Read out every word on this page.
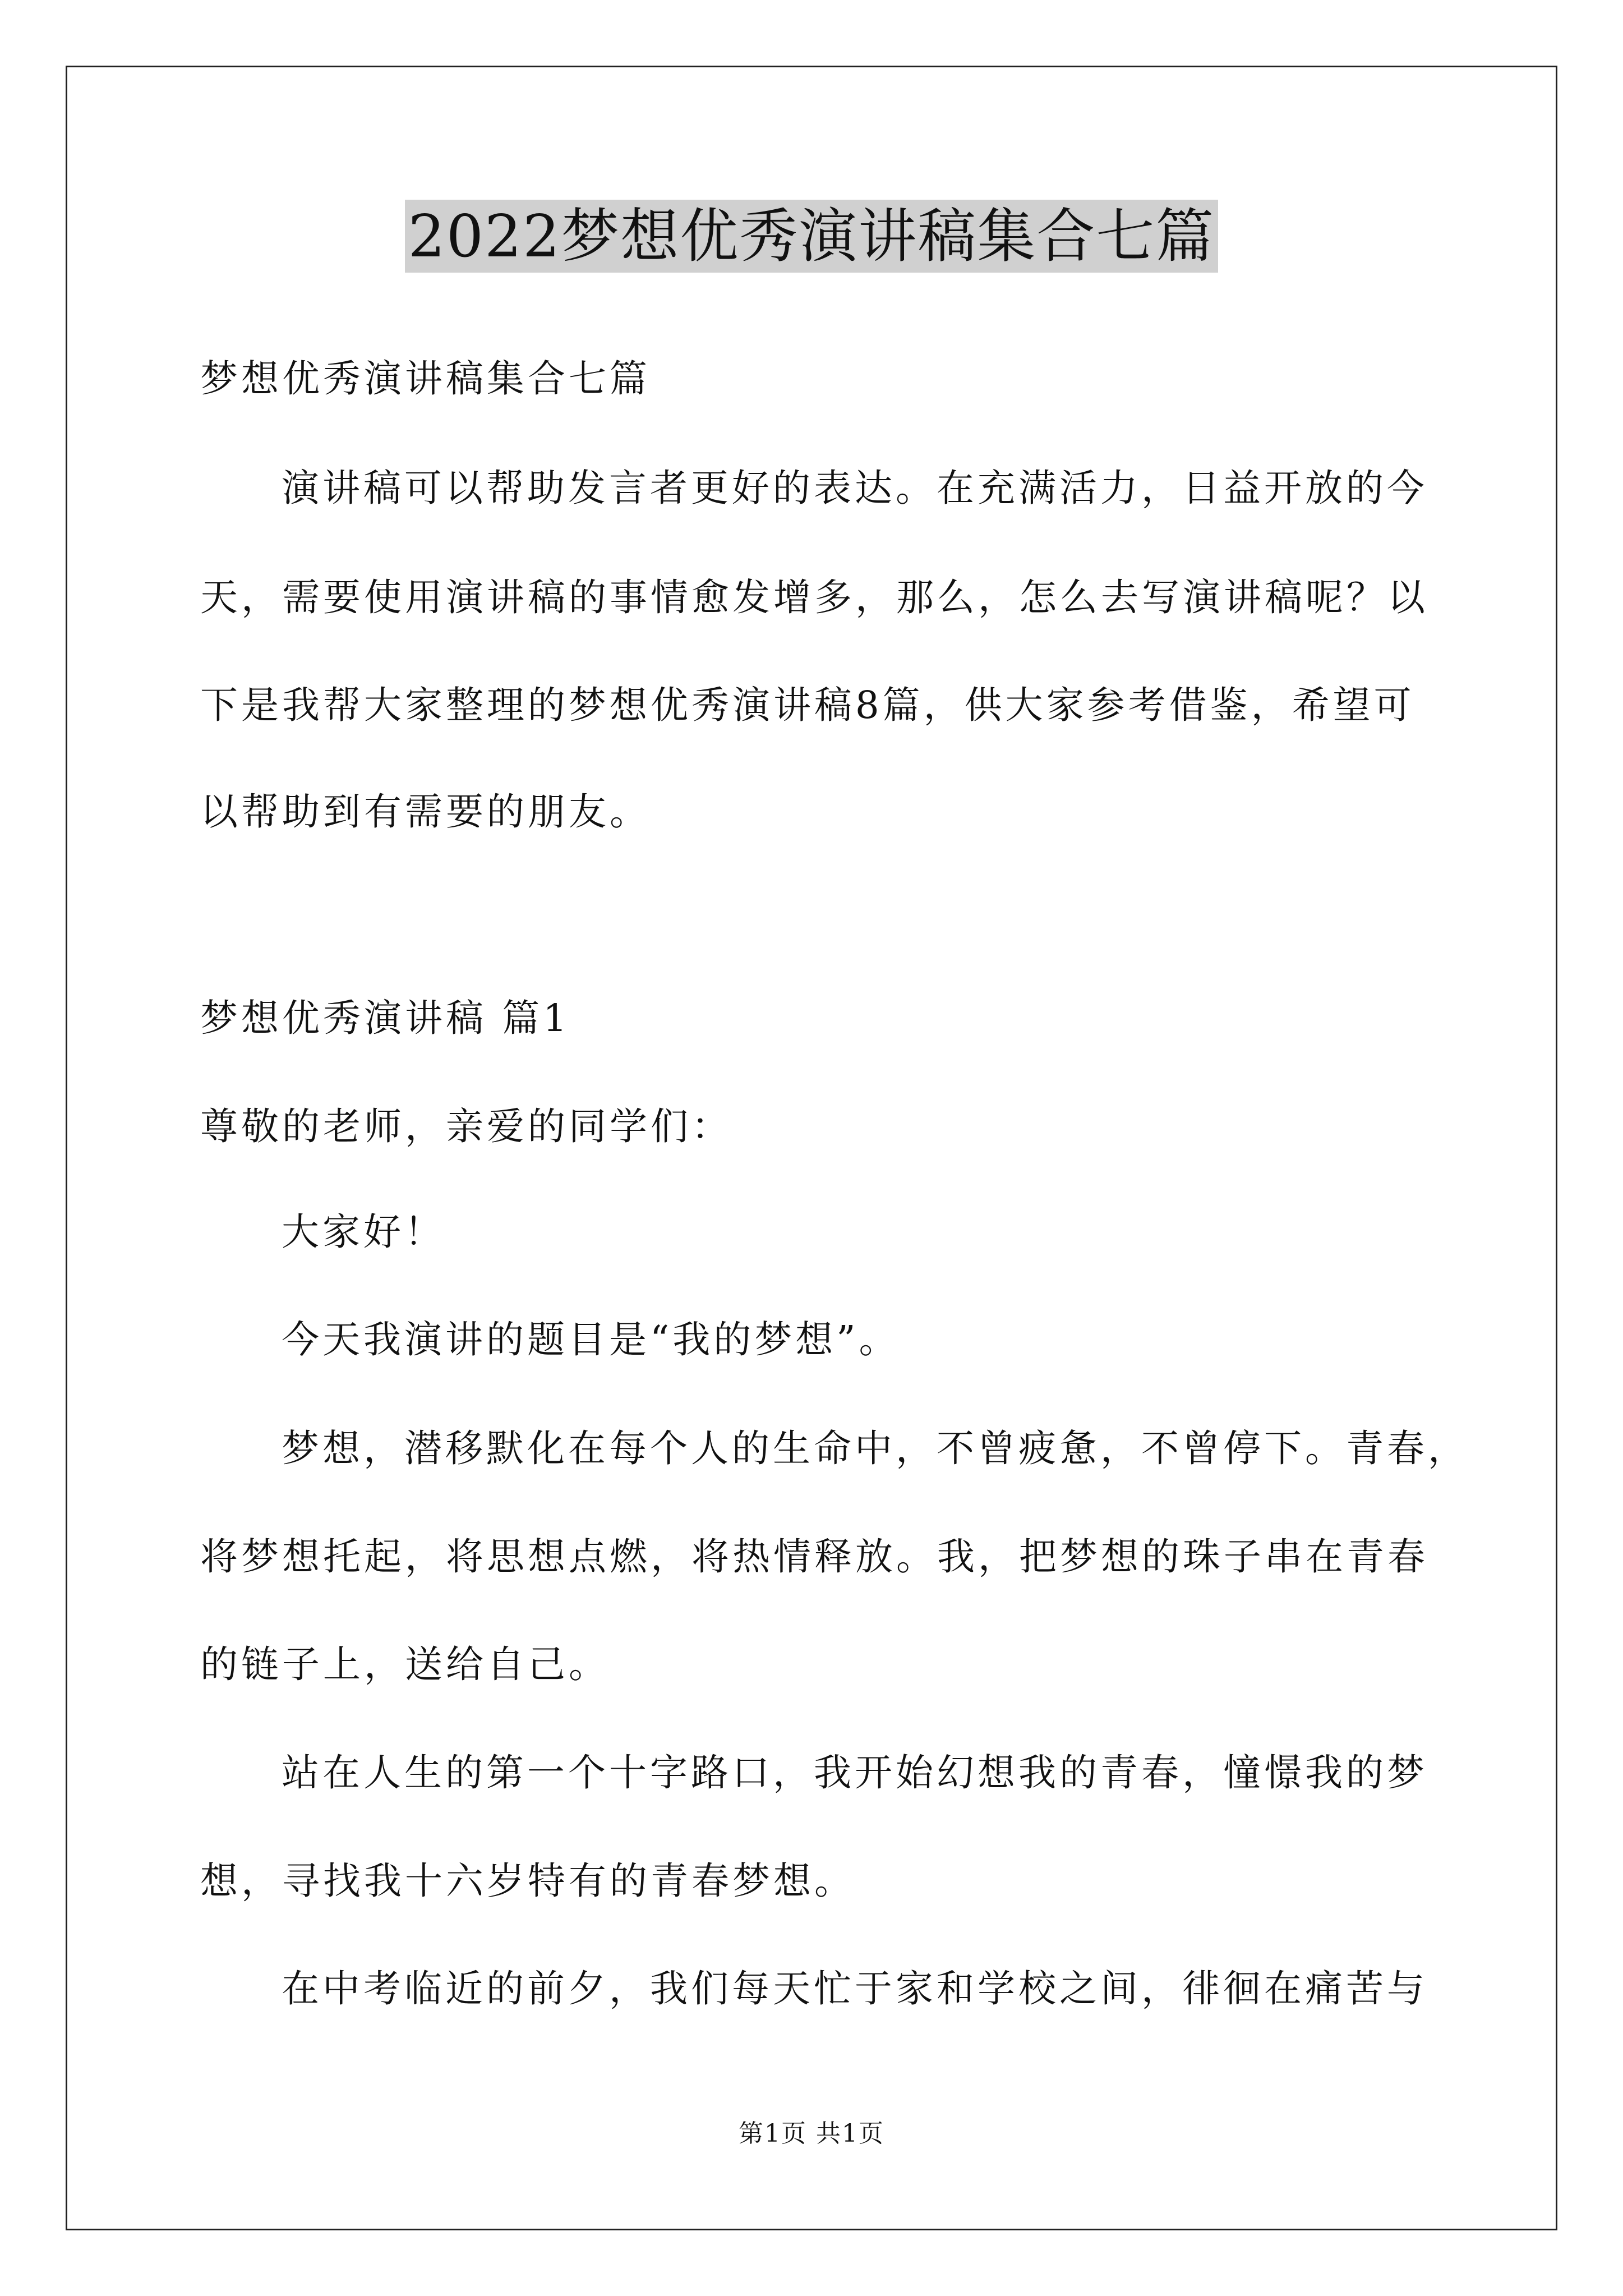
2022梦想优秀演讲稿集合七篇
梦想优秀演讲稿集合七篇
演讲稿可以帮助发言者更好的表达。在充满活力，日益开放的今
天，需要使用演讲稿的事情愈发增多，那么，怎么去写演讲稿呢？以
下是我帮大家整理的梦想优秀演讲稿8篇，供大家参考借鉴，希望可
以帮助到有需要的朋友。
梦想优秀演讲稿 篇1
尊敬的老师，亲爱的同学们：
大家好！
今天我演讲的题目是“我的梦想”。
梦想，潜移默化在每个人的生命中，不曾疲惫，不曾停下。青春，
将梦想托起，将思想点燃，将热情释放。我，把梦想的珠子串在青春
的链子上，送给自己。
站在人生的第一个十字路口，我开始幻想我的青春，憧憬我的梦
想，寻找我十六岁特有的青春梦想。
在中考临近的前夕，我们每天忙于家和学校之间，徘徊在痛苦与
第1页 共1页
